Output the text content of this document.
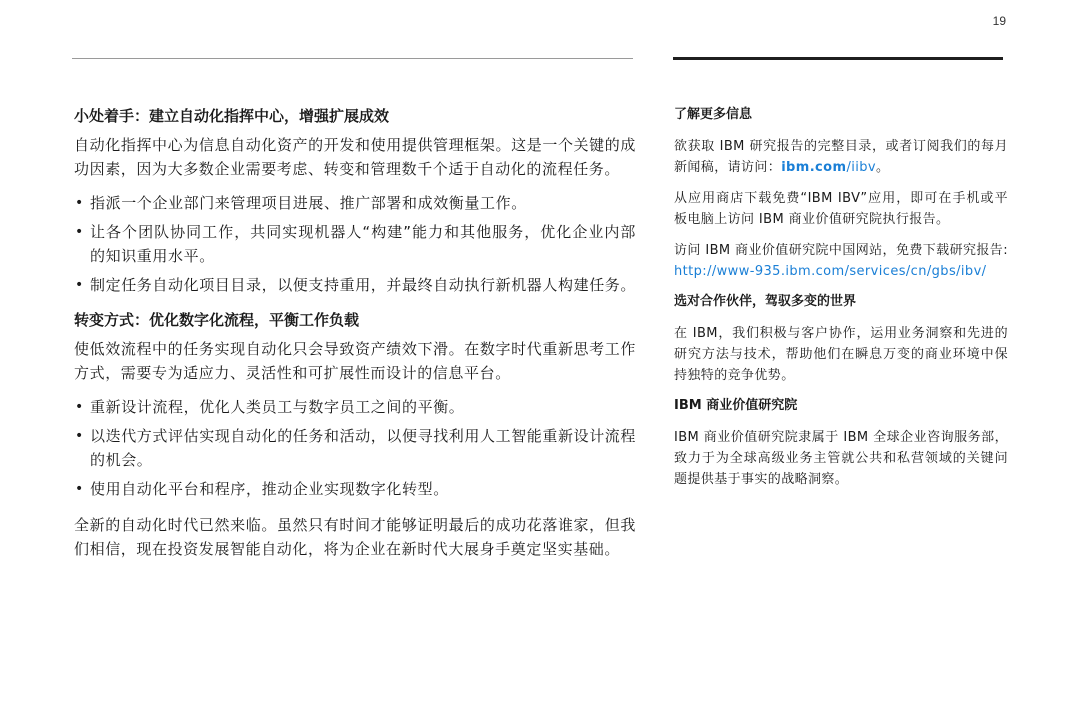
19
小处着手：建立自动化指挥中心，增强扩展成效

自动化指挥中心为信息自动化资产的开发和使用提供管理框架。这是一个关键的成功因素，因为大多数企业需要考虑、转变和管理数千个适于自动化的流程任务。

• 指派一个企业部门来管理项目进展、推广部署和成效衡量工作。
• 让各个团队协同工作，共同实现机器人“构建”能力和其他服务，优化企业内部的知识重用水平。
• 制定任务自动化项目目录，以便支持重用，并最终自动执行新机器人构建任务。
转变方式：优化数字化流程，平衡工作负载

使低效流程中的任务实现自动化只会导致资产绩效下滑。在数字时代重新思考工作方式，需要专为适应力、灵活性和可扩展性而设计的信息平台。

• 重新设计流程，优化人类员工与数字员工之间的平衡。
• 以迭代方式评估实现自动化的任务和活动，以便寻找利用人工智能重新设计流程的机会。
• 使用自动化平台和程序，推动企业实现数字化转型。

全新的自动化时代已然来临。虽然只有时间才能够证明最后的成功花落谁家，但我们相信，现在投资发展智能自动化，将为企业在新时代大展身手奠定坚实基础。

了解更多信息

欲获取 IBM 研究报告的完整目录，或者订阅我们的每月新闻稿，请访问：ibm.com/iibv。

从应用商店下载免费“IBM IBV”应用，即可在手机或平板电脑上访问 IBM 商业价值研究院执行报告。

访问 IBM 商业价值研究院中国网站，免费下载研究报告: http://www-935.ibm.com/services/cn/gbs/ibv/

选对合作伙伴，驾驭多变的世界

在 IBM，我们积极与客户协作，运用业务洞察和先进的研究方法与技术，帮助他们在瞬息万变的商业环境中保持独特的竞争优势。

IBM 商业价值研究院

IBM 商业价值研究院隶属于 IBM 全球企业咨询服务部，致力于为全球高级业务主管就公共和私营领域的关键问题提供基于事实的战略洞察。
